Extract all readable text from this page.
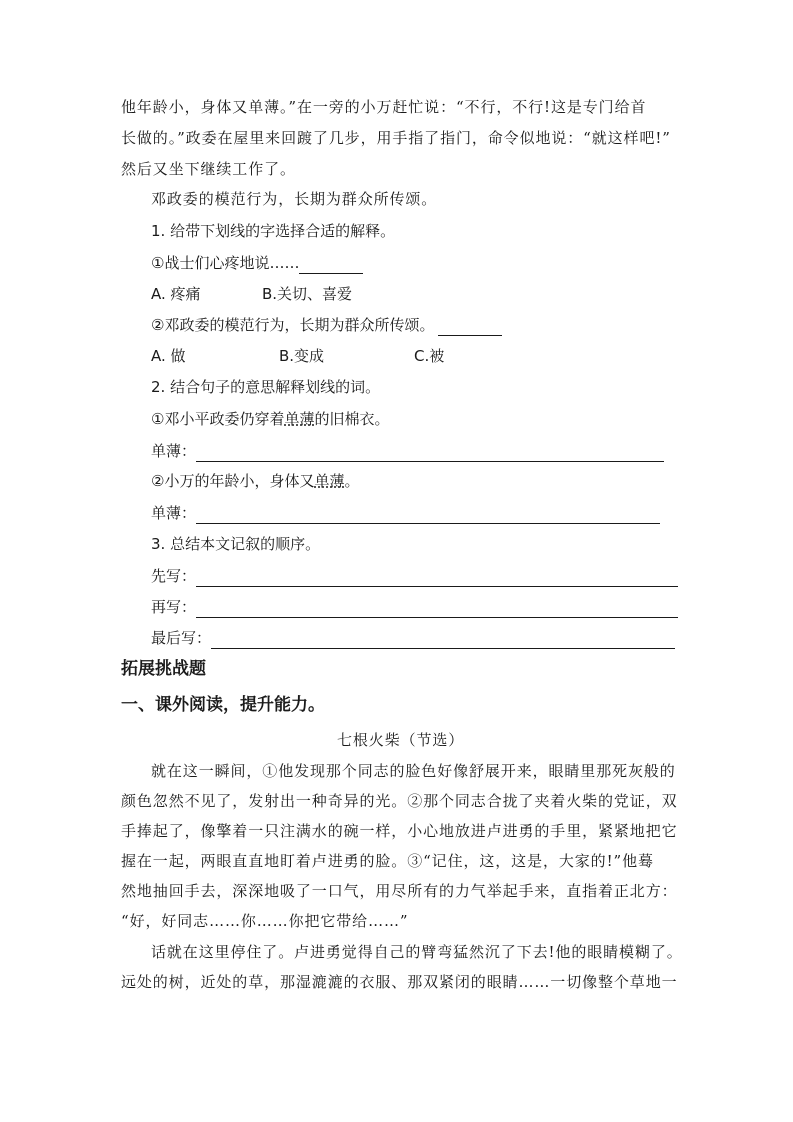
他年龄小，身体又单薄。”在一旁的小万赶忙说：“不行，不行!这是专门给首
长做的。”政委在屋里来回踱了几步，用手指了指门，命令似地说：“就这样吧!”
然后又坐下继续工作了。
邓政委的模范行为，长期为群众所传颂。
1. 给带下划线的字选择合适的解释。
①战士们心疼地说……
A. 疼痛	B.关切、喜爱
②邓政委的模范行为，长期为群众所传颂。
A. 做	B.变成	C.被
2. 结合句子的意思解释划线的词。
①邓小平政委仍穿着单薄的旧棉衣。
单薄：
②小万的年龄小，身体又单薄。
单薄：
3. 总结本文记叙的顺序。
先写：
再写：
最后写：
拓展挑战题
一、课外阅读，提升能力。
七根火柴（节选）
就在这一瞬间，①他发现那个同志的脸色好像舒展开来，眼睛里那死灰般的
颜色忽然不见了，发射出一种奇异的光。②那个同志合拢了夹着火柴的党证，双
手捧起了，像擎着一只注满水的碗一样，小心地放进卢进勇的手里，紧紧地把它
握在一起，两眼直直地盯着卢进勇的脸。③“记住，这，这是，大家的!”他蓦
然地抽回手去，深深地吸了一口气，用尽所有的力气举起手来，直指着正北方：
“好，好同志……你……你把它带给……”
话就在这里停住了。卢进勇觉得自己的臂弯猛然沉了下去!他的眼睛模糊了。
远处的树，近处的草，那湿漉漉的衣服、那双紧闭的眼睛……一切像整个草地一
